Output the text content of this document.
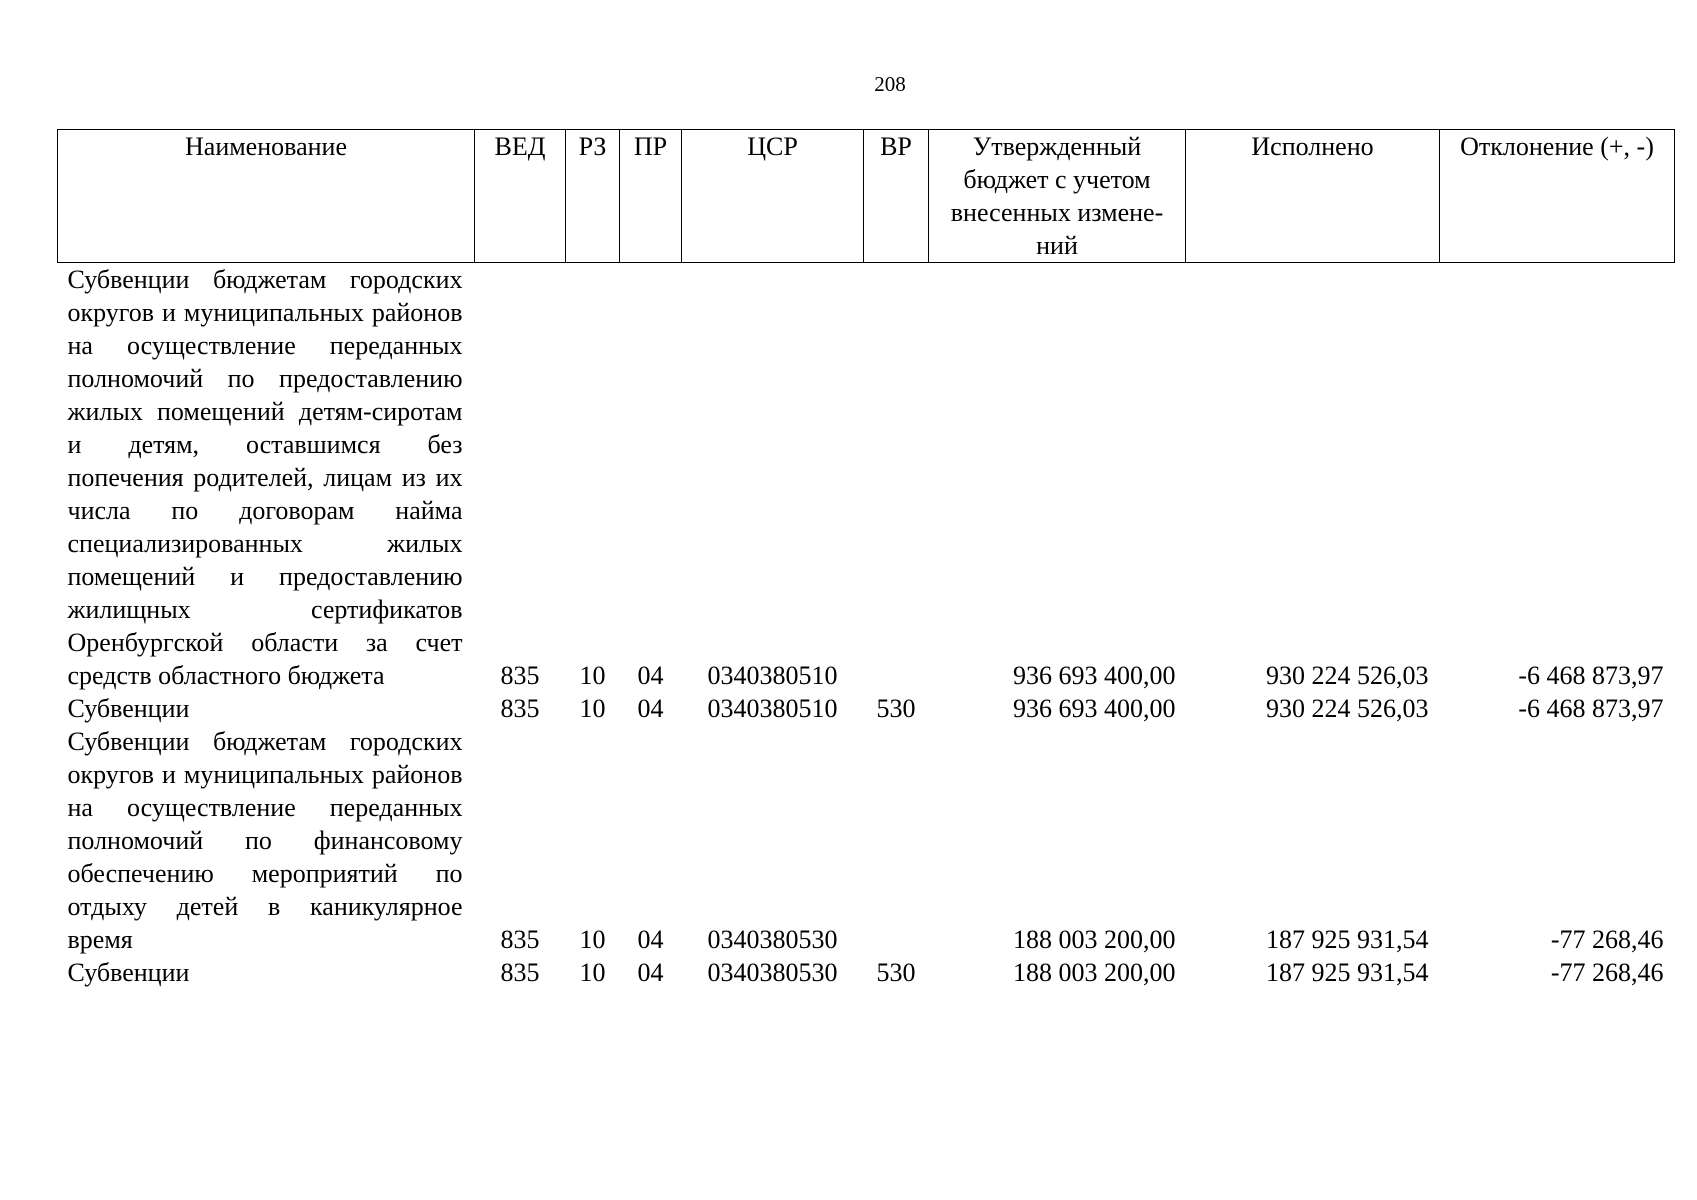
208
Наименование	ВЕД	РЗ	ПР	ЦСР	ВР	Утвержденный бюджет с учетом внесенных измене-ний	Исполнено	Отклонение (+, -)

Субвенции бюджетам городских округов и муниципальных районов на осуществление переданных полномочий по предоставлению жилых помещений детям-сиротам и детям, оставшимся без попечения родителей, лицам из их числа по договорам найма специализированных жилых помещений и предоставлению жилищных сертификатов Оренбургской области за счет средств областного бюджета	835	10	04	0340380510		936 693 400,00	930 224 526,03	-6 468 873,97

Субвенции	835	10	04	0340380510	530	936 693 400,00	930 224 526,03	-6 468 873,97

Субвенции бюджетам городских округов и муниципальных районов на осуществление переданных полномочий по финансовому обеспечению мероприятий по отдыху детей в каникулярное время	835	10	04	0340380530		188 003 200,00	187 925 931,54	-77 268,46

Субвенции	835	10	04	0340380530	530	188 003 200,00	187 925 931,54	-77 268,46
